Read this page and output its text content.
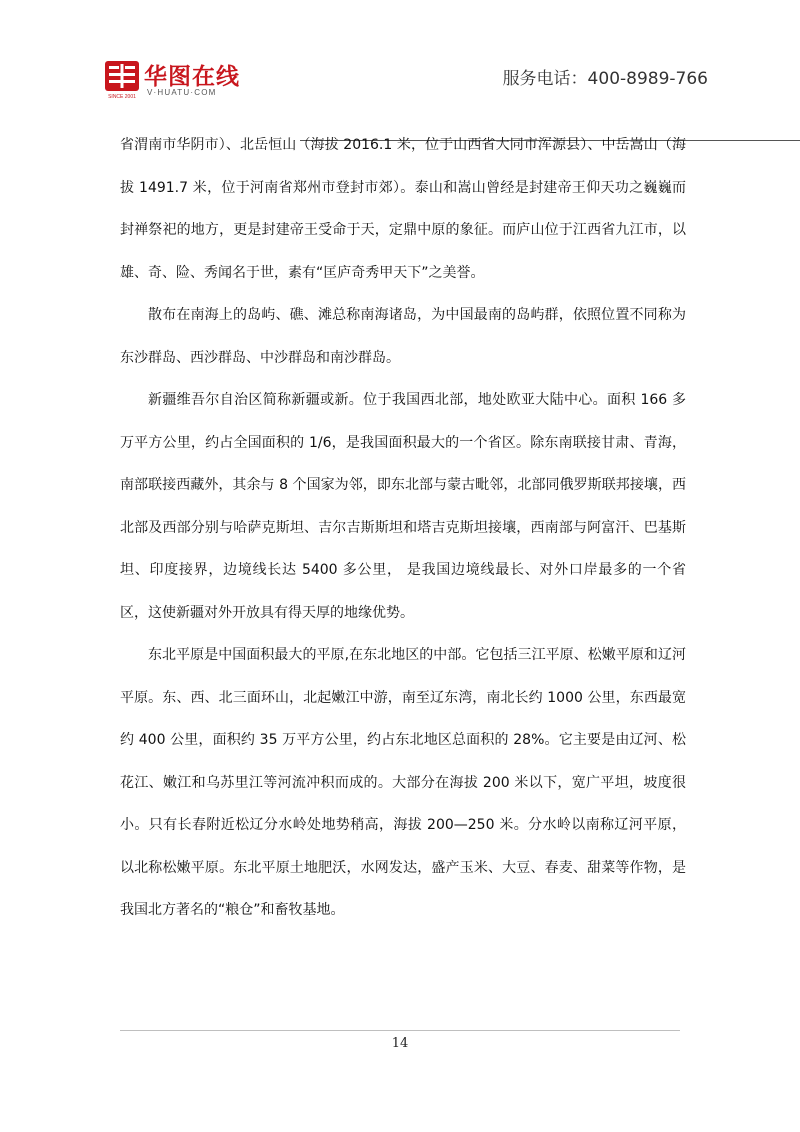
SINCE 2001
华图在线
V·HUATU·COM
服务电话：400-8989-766

省渭南市华阴市）、北岳恒山（海拔 2016.1 米，位于山西省大同市浑源县）、中岳嵩山（海拔 1491.7 米，位于河南省郑州市登封市郊）。泰山和嵩山曾经是封建帝王仰天功之巍巍而封禅祭祀的地方，更是封建帝王受命于天，定鼎中原的象征。而庐山位于江西省九江市，以雄、奇、险、秀闻名于世，素有“匡庐奇秀甲天下”之美誉。

散布在南海上的岛屿、礁、滩总称南海诸岛，为中国最南的岛屿群，依照位置不同称为东沙群岛、西沙群岛、中沙群岛和南沙群岛。

新疆维吾尔自治区简称新疆或新。位于我国西北部，地处欧亚大陆中心。面积 166 多万平方公里，约占全国面积的 1/6，是我国面积最大的一个省区。除东南联接甘肃、青海，南部联接西藏外，其余与 8 个国家为邻，即东北部与蒙古毗邻，北部同俄罗斯联邦接壤，西北部及西部分别与哈萨克斯坦、吉尔吉斯斯坦和塔吉克斯坦接壤，西南部与阿富汗、巴基斯坦、印度接界，边境线长达 5400 多公里， 是我国边境线最长、对外口岸最多的一个省区，这使新疆对外开放具有得天厚的地缘优势。

东北平原是中国面积最大的平原,在东北地区的中部。它包括三江平原、松嫩平原和辽河平原。东、西、北三面环山，北起嫩江中游，南至辽东湾，南北长约 1000 公里，东西最宽约 400 公里，面积约 35 万平方公里，约占东北地区总面积的 28%。它主要是由辽河、松花江、嫩江和乌苏里江等河流冲积而成的。大部分在海拔 200 米以下，宽广平坦，坡度很小。只有长春附近松辽分水岭处地势稍高，海拔 200—250 米。分水岭以南称辽河平原，以北称松嫩平原。东北平原土地肥沃，水网发达，盛产玉米、大豆、春麦、甜菜等作物，是我国北方著名的“粮仓”和畜牧基地。

14
